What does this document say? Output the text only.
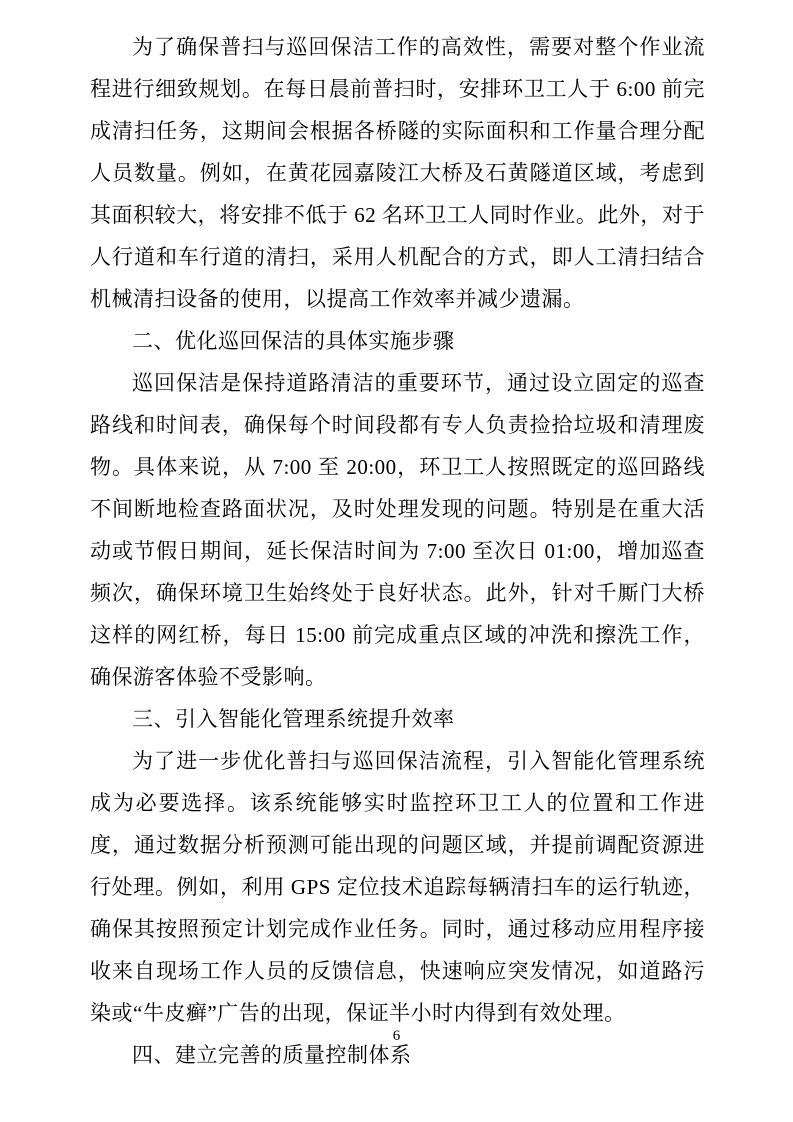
为了确保普扫与巡回保洁工作的高效性，需要对整个作业流程进行细致规划。在每日晨前普扫时，安排环卫工人于 6:00 前完成清扫任务，这期间会根据各桥隧的实际面积和工作量合理分配人员数量。例如，在黄花园嘉陵江大桥及石黄隧道区域，考虑到其面积较大，将安排不低于 62 名环卫工人同时作业。此外，对于人行道和车行道的清扫，采用人机配合的方式，即人工清扫结合机械清扫设备的使用，以提高工作效率并减少遗漏。

二、优化巡回保洁的具体实施步骤

巡回保洁是保持道路清洁的重要环节，通过设立固定的巡查路线和时间表，确保每个时间段都有专人负责捡拾垃圾和清理废物。具体来说，从 7:00 至 20:00，环卫工人按照既定的巡回路线不间断地检查路面状况，及时处理发现的问题。特别是在重大活动或节假日期间，延长保洁时间为 7:00 至次日 01:00，增加巡查频次，确保环境卫生始终处于良好状态。此外，针对千厮门大桥这样的网红桥，每日 15:00 前完成重点区域的冲洗和擦洗工作，确保游客体验不受影响。

三、引入智能化管理系统提升效率

为了进一步优化普扫与巡回保洁流程，引入智能化管理系统成为必要选择。该系统能够实时监控环卫工人的位置和工作进度，通过数据分析预测可能出现的问题区域，并提前调配资源进行处理。例如，利用 GPS 定位技术追踪每辆清扫车的运行轨迹，确保其按照预定计划完成作业任务。同时，通过移动应用程序接收来自现场工作人员的反馈信息，快速响应突发情况，如道路污染或“牛皮癣”广告的出现，保证半小时内得到有效处理。

四、建立完善的质量控制体系

6
